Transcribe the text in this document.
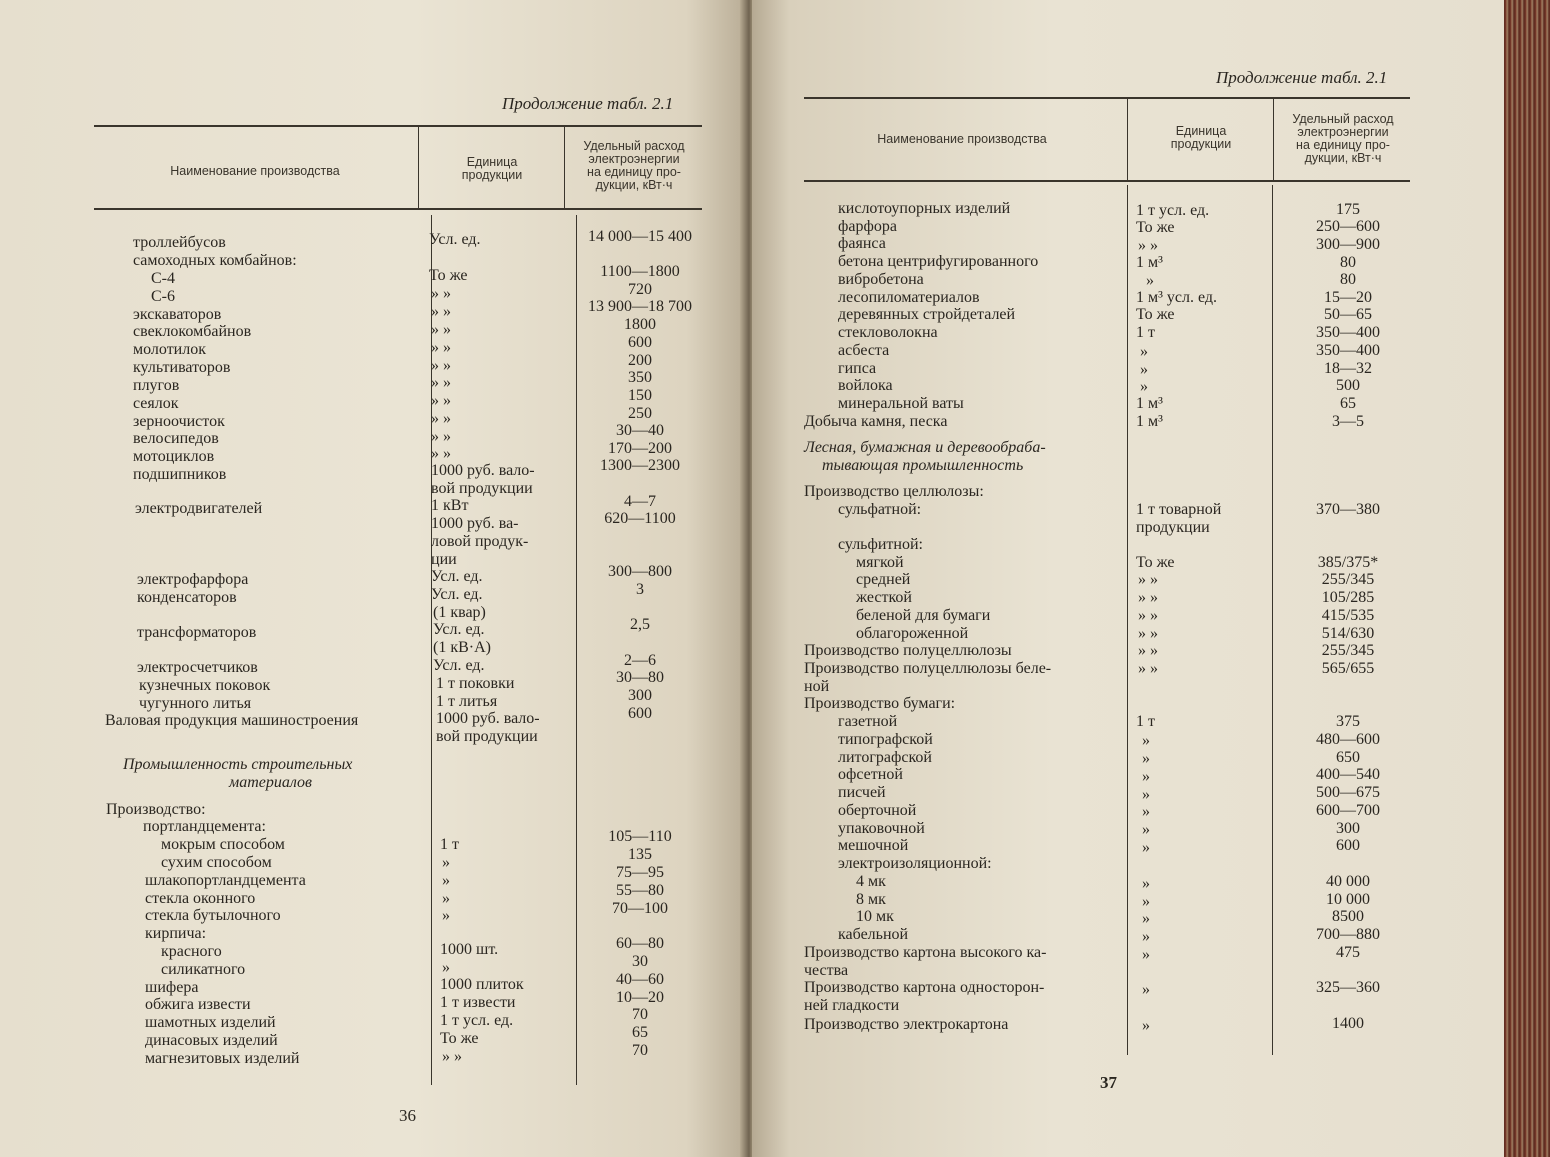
Продолжение табл. 2.1
Наименование производства
Единица
продукции
Удельный расход
электроэнергии
на единицу про-
дукции, кВт·ч
троллейбусов
самоходных комбайнов:
С-4
С-6
экскаваторов
свеклокомбайнов
молотилок
культиваторов
плугов
сеялок
зерноочисток
велосипедов
мотоциклов
подшипников
электродвигателей
электрофарфора
конденсаторов
трансформаторов
электросчетчиков
кузнечных поковок
чугунного литья
Валовая продукция машиностроения
Промышленность строительных
материалов
Производство:
портландцемента:
мокрым способом
сухим способом
шлакопортландцемента
стекла оконного
стекла бутылочного
кирпича:
красного
силикатного
шифера
обжига извести
шамотных изделий
динасовых изделий
магнезитовых изделий
Усл. ед.
То же
» »
» »
» »
» »
» »
» »
» »
» »
» »
» »
1000 руб. вало-
вой продукции
1 кВт
1000 руб. ва-
ловой продук-
ции
Усл. ед.
Усл. ед.
(1 квар)
Усл. ед.
(1 кВ·А)
Усл. ед.
1 т поковки
1 т литья
1000 руб. вало-
вой продукции
1 т
»
»
»
»
1000 шт.
»
1000 плиток
1 т извести
1 т усл. ед.
То же
» »
14 000—15 400
1100—1800
720
13 900—18 700
1800
600
200
350
150
250
30—40
170—200
1300—2300
4—7
620—1100
300—800
3
2,5
2—6
30—80
300
600
105—110
135
75—95
55—80
70—100
60—80
30
40—60
10—20
70
65
70
36
Продолжение табл. 2.1
Наименование производства
Единица
продукции
Удельный расход
электроэнергии
на единицу про-
дукции, кВт·ч
кислотоупорных изделий
фарфора
фаянса
бетона центрифугированного
вибробетона
лесопиломатериалов
деревянных стройдеталей
стекловолокна
асбеста
гипса
войлока
минеральной ваты
Добыча камня, песка
Лесная, бумажная и деревообраба-
тывающая промышленность
Производство целлюлозы:
сульфатной:
сульфитной:
мягкой
средней
жесткой
беленой для бумаги
облагороженной
Производство полуцеллюлозы
Производство полуцеллюлозы беле-
ной
Производство бумаги:
газетной
типографской
литографской
офсетной
писчей
оберточной
упаковочной
мешочной
электроизоляционной:
4 мк
8 мк
10 мк
кабельной
Производство картона высокого ка-
чества
Производство картона односторон-
ней гладкости
Производство электрокартона
1 т усл. ед.
То же
» »
1 м³
»
1 м³ усл. ед.
То же
1 т
»
»
»
1 м³
1 м³
1 т товарной
продукции
То же
» »
» »
» »
» »
» »
» »
1 т
»
»
»
»
»
»
»
»
»
»
»
»
»
»
175
250—600
300—900
80
80
15—20
50—65
350—400
350—400
18—32
500
65
3—5
370—380
385/375*
255/345
105/285
415/535
514/630
255/345
565/655
375
480—600
650
400—540
500—675
600—700
300
600
40 000
10 000
8500
700—880
475
325—360
1400
37
